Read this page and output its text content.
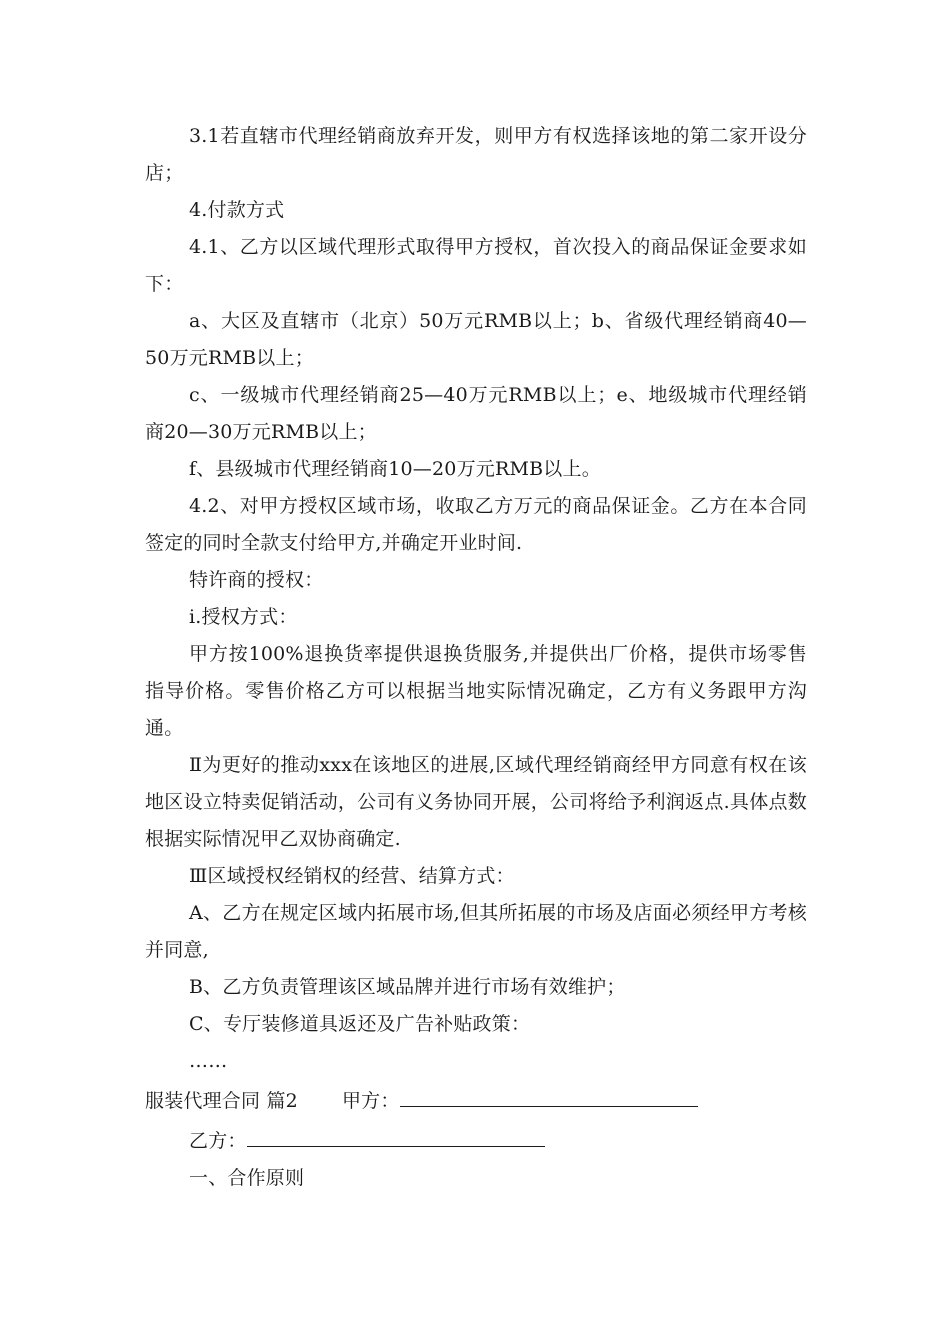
3.1若直辖市代理经销商放弃开发，则甲方有权选择该地的第二家开设分店；

4.付款方式

4.1、乙方以区域代理形式取得甲方授权，首次投入的商品保证金要求如下：

a、大区及直辖市（北京）50万元RMB以上；b、省级代理经销商40—50万元RMB以上；

c、一级城市代理经销商25—40万元RMB以上；e、地级城市代理经销商20—30万元RMB以上；

f、县级城市代理经销商10—20万元RMB以上。

4.2、对甲方授权区域市场，收取乙方万元的商品保证金。乙方在本合同签定的同时全款支付给甲方,并确定开业时间.

特许商的授权：

i.授权方式：

甲方按100%退换货率提供退换货服务,并提供出厂价格，提供市场零售指导价格。零售价格乙方可以根据当地实际情况确定，乙方有义务跟甲方沟通。

Ⅱ为更好的推动xxx在该地区的进展,区域代理经销商经甲方同意有权在该地区设立特卖促销活动，公司有义务协同开展，公司将给予利润返点.具体点数根据实际情况甲乙双协商确定.

Ⅲ区域授权经销权的经营、结算方式：

A、乙方在规定区域内拓展市场,但其所拓展的市场及店面必须经甲方考核并同意,

B、乙方负责管理该区域品牌并进行市场有效维护；

C、专厅装修道具返还及广告补贴政策：

……

服装代理合同 篇2 甲方：

乙方：

一、合作原则
